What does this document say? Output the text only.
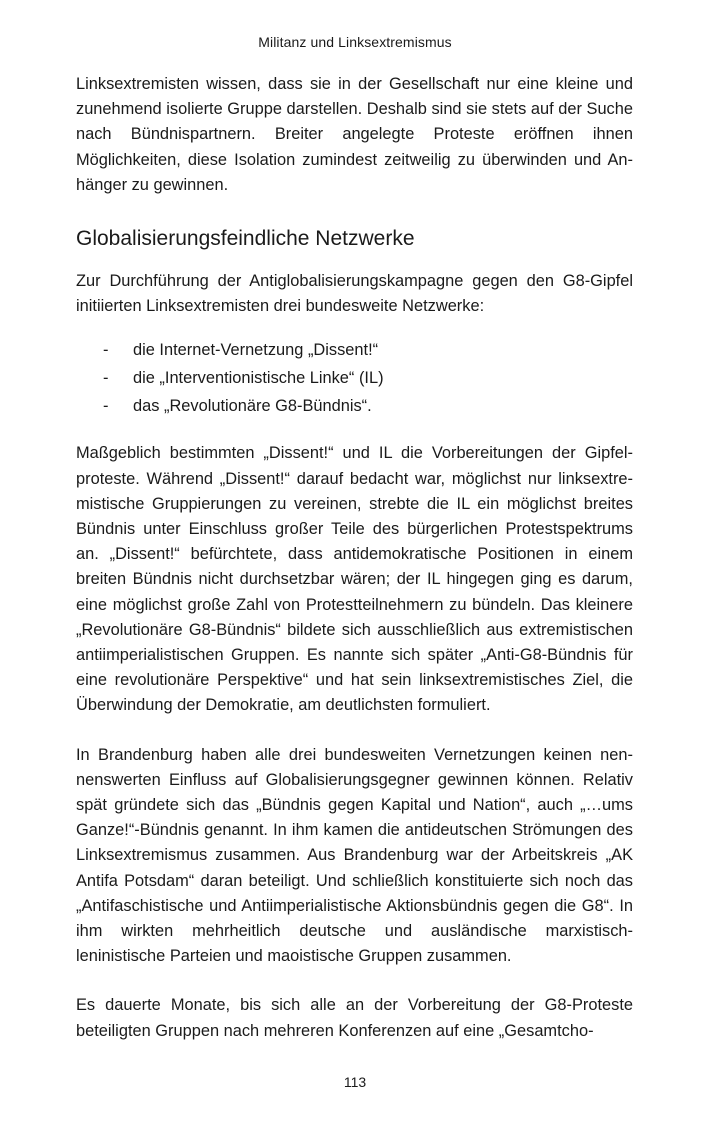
Militanz und Linksextremismus

Linksextremisten wissen, dass sie in der Gesellschaft nur eine kleine und zunehmend isolierte Gruppe darstellen. Deshalb sind sie stets auf der Suche nach Bündnispartnern. Breiter angelegte Proteste eröffnen ihnen Möglichkeiten, diese Isolation zumindest zeitweilig zu überwinden und Anhänger zu gewinnen.

Globalisierungsfeindliche Netzwerke

Zur Durchführung der Antiglobalisierungskampagne gegen den G8-Gipfel initiierten Linksextremisten drei bundesweite Netzwerke:

- die Internet-Vernetzung „Dissent!“
- die „Interventionistische Linke“ (IL)
- das „Revolutionäre G8-Bündnis“.

Maßgeblich bestimmten „Dissent!“ und IL die Vorbereitungen der Gipfelproteste. Während „Dissent!“ darauf bedacht war, möglichst nur linksextremistische Gruppierungen zu vereinen, strebte die IL ein möglichst breites Bündnis unter Einschluss großer Teile des bürgerlichen Protestspektrums an. „Dissent!“ befürchtete, dass antidemokratische Positionen in einem breiten Bündnis nicht durchsetzbar wären; der IL hingegen ging es darum, eine möglichst große Zahl von Protestteilnehmern zu bündeln. Das kleinere „Revolutionäre G8-Bündnis“ bildete sich ausschließlich aus extremistischen antiimperialistischen Gruppen. Es nannte sich später „Anti-G8-Bündnis für eine revolutionäre Perspektive“ und hat sein linksextremistisches Ziel, die Überwindung der Demokratie, am deutlichsten formuliert.

In Brandenburg haben alle drei bundesweiten Vernetzungen keinen nennenswerten Einfluss auf Globalisierungsgegner gewinnen können. Relativ spät gründete sich das „Bündnis gegen Kapital und Nation“, auch „…ums Ganze!“-Bündnis genannt. In ihm kamen die antideutschen Strömungen des Linksextremismus zusammen. Aus Brandenburg war der Arbeitskreis „AK Antifa Potsdam“ daran beteiligt. Und schließlich konstituierte sich noch das „Antifaschistische und Antiimperialistische Aktionsbündnis gegen die G8“. In ihm wirkten mehrheitlich deutsche und ausländische marxistisch-leninistische Parteien und maoistische Gruppen zusammen.

Es dauerte Monate, bis sich alle an der Vorbereitung der G8-Proteste beteiligten Gruppen nach mehreren Konferenzen auf eine „Gesamtcho-

113
